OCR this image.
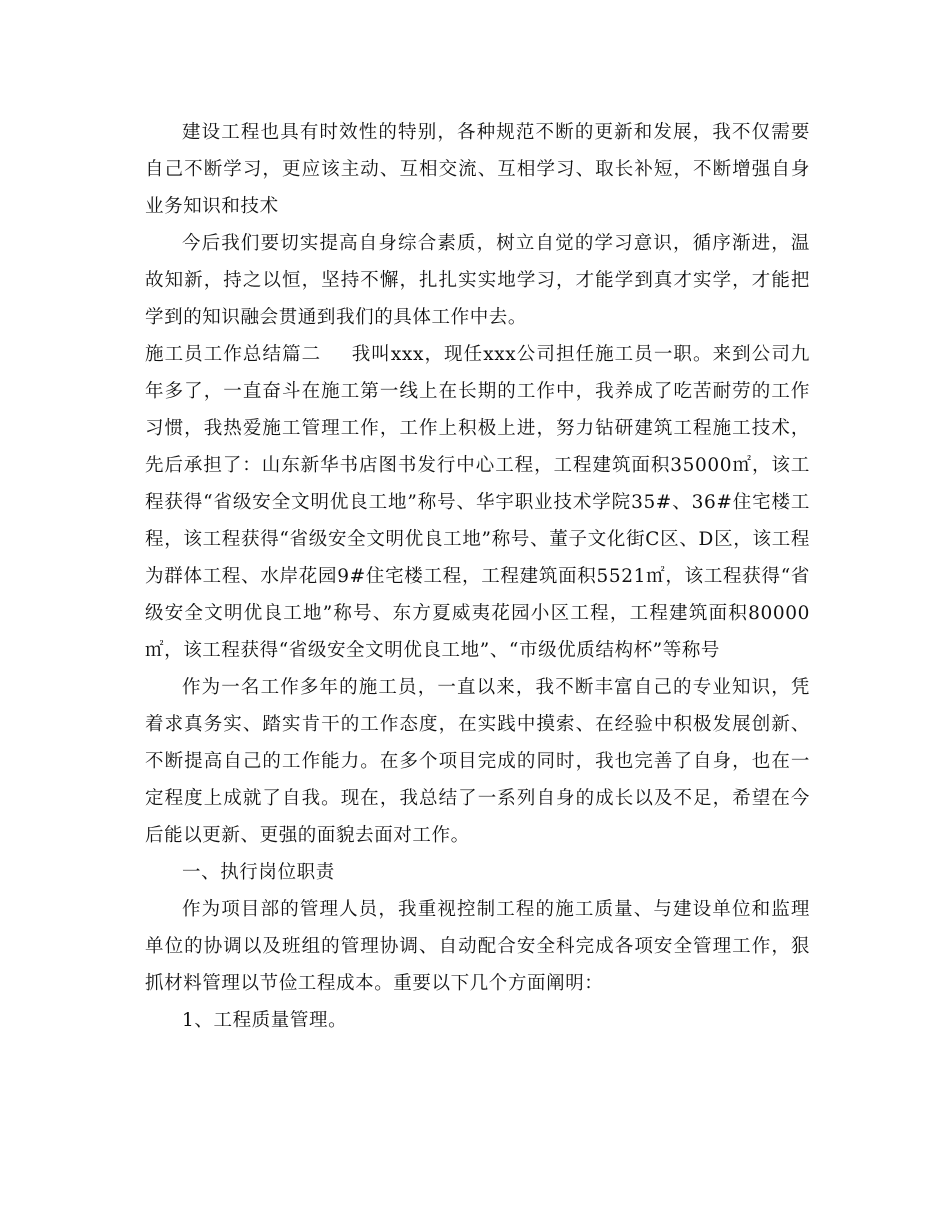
建设工程也具有时效性的特别，各种规范不断的更新和发展，我不仅需要自己不断学习，更应该主动、互相交流、互相学习、取长补短，不断增强自身业务知识和技术

今后我们要切实提高自身综合素质，树立自觉的学习意识，循序渐进，温故知新，持之以恒，坚持不懈，扎扎实实地学习，才能学到真才实学，才能把学到的知识融会贯通到我们的具体工作中去。

施工员工作总结篇二 我叫xxx，现任xxx公司担任施工员一职。来到公司九年多了，一直奋斗在施工第一线上在长期的工作中，我养成了吃苦耐劳的工作习惯，我热爱施工管理工作，工作上积极上进，努力钻研建筑工程施工技术，先后承担了：山东新华书店图书发行中心工程，工程建筑面积35000㎡，该工程获得“省级安全文明优良工地”称号、华宇职业技术学院35#、36#住宅楼工程，该工程获得“省级安全文明优良工地”称号、董子文化街C区、D区，该工程为群体工程、水岸花园9#住宅楼工程，工程建筑面积5521㎡，该工程获得“省级安全文明优良工地”称号、东方夏威夷花园小区工程，工程建筑面积80000㎡，该工程获得“省级安全文明优良工地”、“市级优质结构杯”等称号

作为一名工作多年的施工员，一直以来，我不断丰富自己的专业知识，凭着求真务实、踏实肯干的工作态度，在实践中摸索、在经验中积极发展创新、不断提高自己的工作能力。在多个项目完成的同时，我也完善了自身，也在一定程度上成就了自我。现在，我总结了一系列自身的成长以及不足，希望在今后能以更新、更强的面貌去面对工作。

一、执行岗位职责

作为项目部的管理人员，我重视控制工程的施工质量、与建设单位和监理单位的协调以及班组的管理协调、自动配合安全科完成各项安全管理工作，狠抓材料管理以节俭工程成本。重要以下几个方面阐明：

1、工程质量管理。
